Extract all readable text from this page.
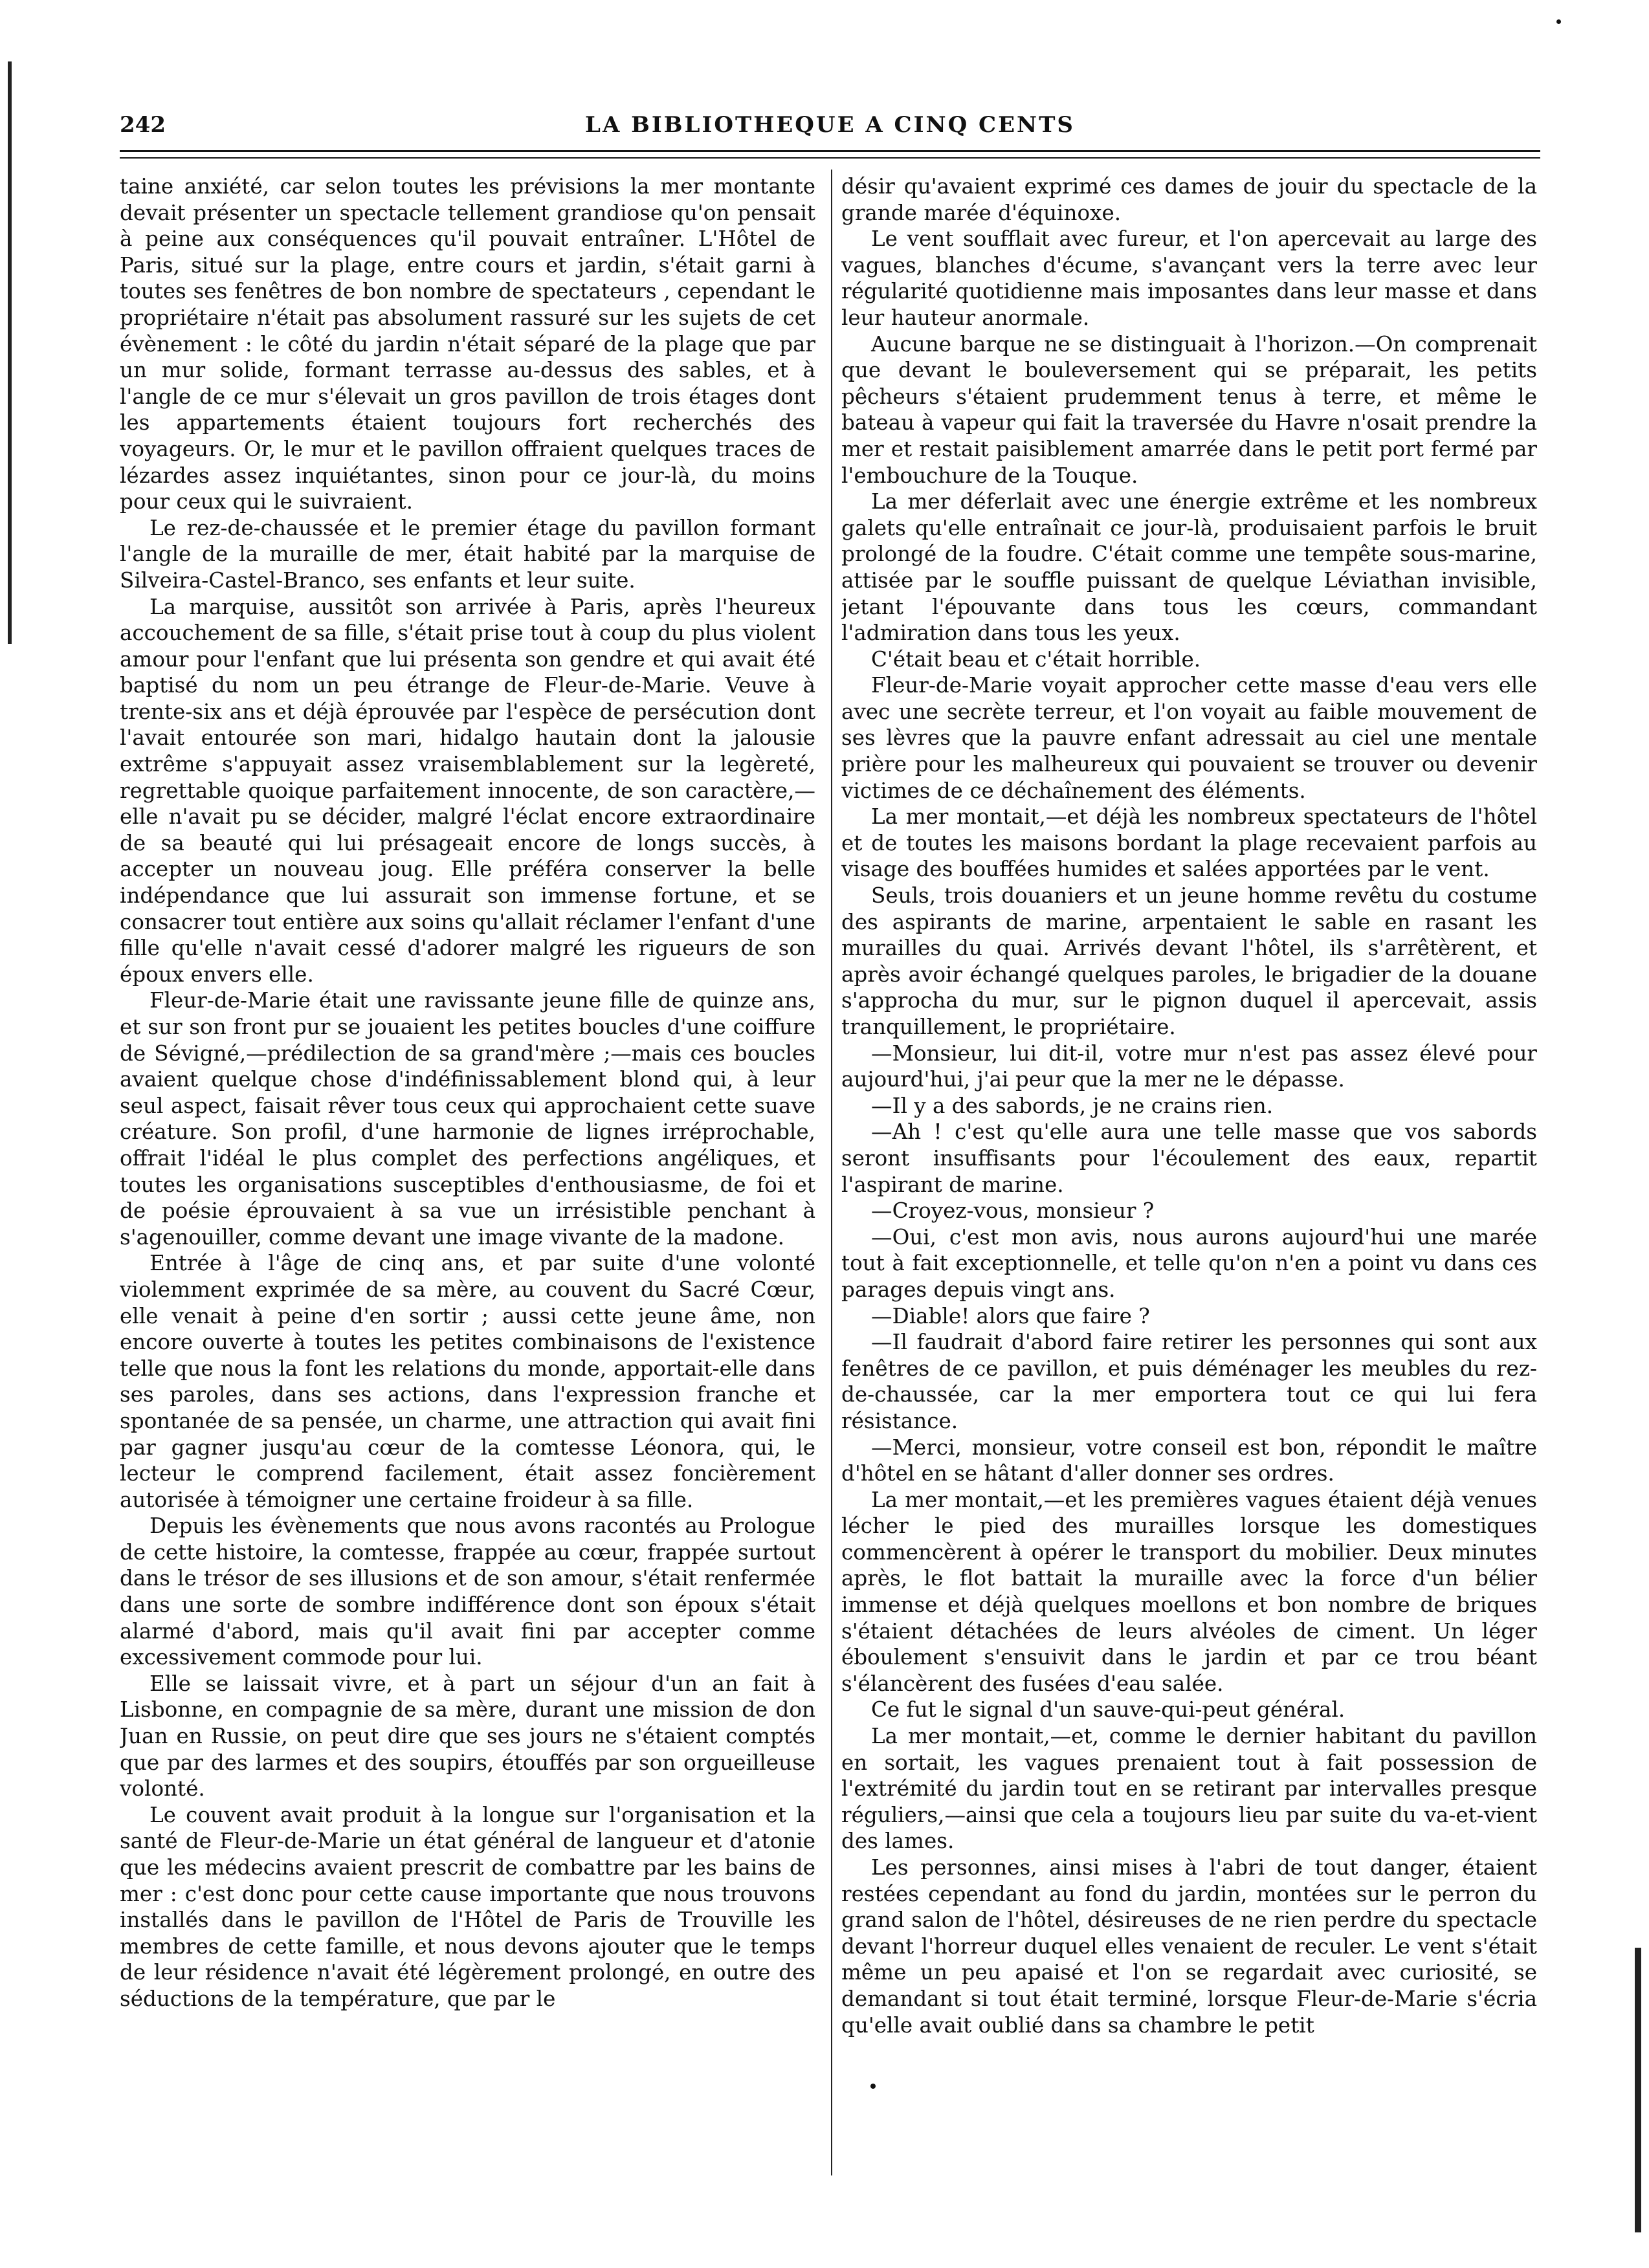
242	LA BIBLIOTHEQUE A CINQ CENTS

taine anxiété, car selon toutes les prévisions la mer montante devait présenter un spectacle tellement grandiose qu'on pensait à peine aux conséquences qu'il pouvait entraîner. L'Hôtel de Paris, situé sur la plage, entre cours et jardin, s'était garni à toutes ses fenêtres de bon nombre de spectateurs , cependant le propriétaire n'était pas absolument rassuré sur les sujets de cet évènement : le côté du jardin n'était séparé de la plage que par un mur solide, formant terrasse au-dessus des sables, et à l'angle de ce mur s'élevait un gros pavillon de trois étages dont les appartements étaient toujours fort recherchés des voyageurs. Or, le mur et le pavillon offraient quelques traces de lézardes assez inquiétantes, sinon pour ce jour-là, du moins pour ceux qui le suivraient.

Le rez-de-chaussée et le premier étage du pavillon formant l'angle de la muraille de mer, était habité par la marquise de Silveira-Castel-Branco, ses enfants et leur suite.

La marquise, aussitôt son arrivée à Paris, après l'heureux accouchement de sa fille, s'était prise tout à coup du plus violent amour pour l'enfant que lui présenta son gendre et qui avait été baptisé du nom un peu étrange de Fleur-de-Marie. Veuve à trente-six ans et déjà éprouvée par l'espèce de persécution dont l'avait entourée son mari, hidalgo hautain dont la jalousie extrême s'appuyait assez vraisemblablement sur la legèreté, regrettable quoique parfaitement innocente, de son caractère,—elle n'avait pu se décider, malgré l'éclat encore extraordinaire de sa beauté qui lui présageait encore de longs succès, à accepter un nouveau joug. Elle préféra conserver la belle indépendance que lui assurait son immense fortune, et se consacrer tout entière aux soins qu'allait réclamer l'enfant d'une fille qu'elle n'avait cessé d'adorer malgré les rigueurs de son époux envers elle.

Fleur-de-Marie était une ravissante jeune fille de quinze ans, et sur son front pur se jouaient les petites boucles d'une coiffure de Sévigné,—prédilection de sa grand'mère ;—mais ces boucles avaient quelque chose d'indéfinissablement blond qui, à leur seul aspect, faisait rêver tous ceux qui approchaient cette suave créature. Son profil, d'une harmonie de lignes irréprochable, offrait l'idéal le plus complet des perfections angéliques, et toutes les organisations susceptibles d'enthousiasme, de foi et de poésie éprouvaient à sa vue un irrésistible penchant à s'agenouiller, comme devant une image vivante de la madone.

Entrée à l'âge de cinq ans, et par suite d'une volonté violemment exprimée de sa mère, au couvent du Sacré Cœur, elle venait à peine d'en sortir ; aussi cette jeune âme, non encore ouverte à toutes les petites combinaisons de l'existence telle que nous la font les relations du monde, apportait-elle dans ses paroles, dans ses actions, dans l'expression franche et spontanée de sa pensée, un charme, une attraction qui avait fini par gagner jusqu'au cœur de la comtesse Léonora, qui, le lecteur le comprend facilement, était assez foncièrement autorisée à témoigner une certaine froideur à sa fille.

Depuis les évènements que nous avons racontés au Prologue de cette histoire, la comtesse, frappée au cœur, frappée surtout dans le trésor de ses illusions et de son amour, s'était renfermée dans une sorte de sombre indifférence dont son époux s'était alarmé d'abord, mais qu'il avait fini par accepter comme excessivement commode pour lui.

Elle se laissait vivre, et à part un séjour d'un an fait à Lisbonne, en compagnie de sa mère, durant une mission de don Juan en Russie, on peut dire que ses jours ne s'étaient comptés que par des larmes et des soupirs, étouffés par son orgueilleuse volonté.

Le couvent avait produit à la longue sur l'organisation et la santé de Fleur-de-Marie un état général de langueur et d'atonie que les médecins avaient prescrit de combattre par les bains de mer : c'est donc pour cette cause importante que nous trouvons installés dans le pavillon de l'Hôtel de Paris de Trouville les membres de cette famille, et nous devons ajouter que le temps de leur résidence n'avait été légèrement prolongé, en outre des séductions de la température, que par le

désir qu'avaient exprimé ces dames de jouir du spectacle de la grande marée d'équinoxe.

Le vent soufflait avec fureur, et l'on apercevait au large des vagues, blanches d'écume, s'avançant vers la terre avec leur régularité quotidienne mais imposantes dans leur masse et dans leur hauteur anormale.

Aucune barque ne se distinguait à l'horizon.—On comprenait que devant le bouleversement qui se préparait, les petits pêcheurs s'étaient prudemment tenus à terre, et même le bateau à vapeur qui fait la traversée du Havre n'osait prendre la mer et restait paisiblement amarrée dans le petit port fermé par l'embouchure de la Touque.

La mer déferlait avec une énergie extrême et les nombreux galets qu'elle entraînait ce jour-là, produisaient parfois le bruit prolongé de la foudre. C'était comme une tempête sous-marine, attisée par le souffle puissant de quelque Léviathan invisible, jetant l'épouvante dans tous les cœurs, commandant l'admiration dans tous les yeux.

C'était beau et c'était horrible.

Fleur-de-Marie voyait approcher cette masse d'eau vers elle avec une secrète terreur, et l'on voyait au faible mouvement de ses lèvres que la pauvre enfant adressait au ciel une mentale prière pour les malheureux qui pouvaient se trouver ou devenir victimes de ce déchaînement des éléments.

La mer montait,—et déjà les nombreux spectateurs de l'hôtel et de toutes les maisons bordant la plage recevaient parfois au visage des bouffées humides et salées apportées par le vent.

Seuls, trois douaniers et un jeune homme revêtu du costume des aspirants de marine, arpentaient le sable en rasant les murailles du quai. Arrivés devant l'hôtel, ils s'arrêtèrent, et après avoir échangé quelques paroles, le brigadier de la douane s'approcha du mur, sur le pignon duquel il apercevait, assis tranquillement, le propriétaire.

—Monsieur, lui dit-il, votre mur n'est pas assez élevé pour aujourd'hui, j'ai peur que la mer ne le dépasse.

—Il y a des sabords, je ne crains rien.

—Ah ! c'est qu'elle aura une telle masse que vos sabords seront insuffisants pour l'écoulement des eaux, repartit l'aspirant de marine.

—Croyez-vous, monsieur ?

—Oui, c'est mon avis, nous aurons aujourd'hui une marée tout à fait exceptionnelle, et telle qu'on n'en a point vu dans ces parages depuis vingt ans.

—Diable! alors que faire ?

—Il faudrait d'abord faire retirer les personnes qui sont aux fenêtres de ce pavillon, et puis déménager les meubles du rez-de-chaussée, car la mer emportera tout ce qui lui fera résistance.

—Merci, monsieur, votre conseil est bon, répondit le maître d'hôtel en se hâtant d'aller donner ses ordres.

La mer montait,—et les premières vagues étaient déjà venues lécher le pied des murailles lorsque les domestiques commencèrent à opérer le transport du mobilier. Deux minutes après, le flot battait la muraille avec la force d'un bélier immense et déjà quelques moellons et bon nombre de briques s'étaient détachées de leurs alvéoles de ciment. Un léger éboulement s'ensuivit dans le jardin et par ce trou béant s'élancèrent des fusées d'eau salée.

Ce fut le signal d'un sauve-qui-peut général.

La mer montait,—et, comme le dernier habitant du pavillon en sortait, les vagues prenaient tout à fait possession de l'extrémité du jardin tout en se retirant par intervalles presque réguliers,—ainsi que cela a toujours lieu par suite du va-et-vient des lames.

Les personnes, ainsi mises à l'abri de tout danger, étaient restées cependant au fond du jardin, montées sur le perron du grand salon de l'hôtel, désireuses de ne rien perdre du spectacle devant l'horreur duquel elles venaient de reculer. Le vent s'était même un peu apaisé et l'on se regardait avec curiosité, se demandant si tout était terminé, lorsque Fleur-de-Marie s'écria qu'elle avait oublié dans sa chambre le petit
